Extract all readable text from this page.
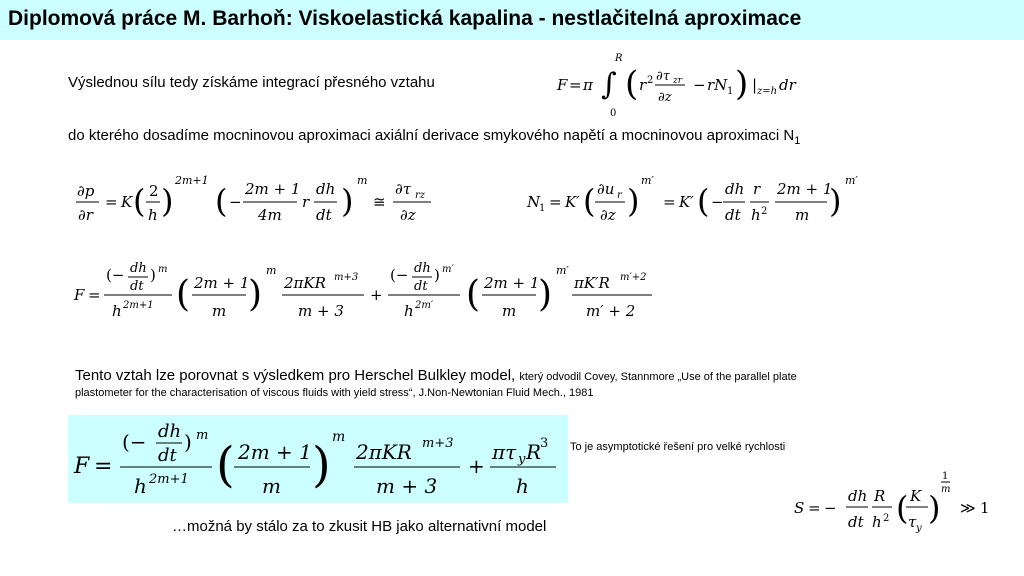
Diplomová práce M. Barhoň: Viskoelastická kapalina - nestlačitelná aproximace
Výslednou sílu tedy získáme integrací přesného vztahu	F = π ∫
R
0
( r 2 ∂τ zr
∂z
− rN 1 ) | z=h dr
do kterého dosadíme mocninovou aproximaci axiální derivace smykového napětí a mocninovou aproximaci $N_1$
∂p
∂r
= K ( 2
h )
2m+1
( −
2m + 1
4m
r
dh
dt )
m
≅
∂τ rz
∂z
N
1 = K′ ( ∂u r
∂z )
m′
= K′ ( −
dh
dt
r
h 2
2m + 1
m )
m′
F =
(− dh
dt
) m
h 2m+1 ( 2m + 1
m )
m
2πKR m+3
m + 3
+
(− dh
dt
) m′
h 2m′ ( 2m + 1
m )
m′
πK′R m′+2
m′ + 2
Tento vztah lze porovnat s výsledkem pro Herschel Bulkley model, který odvodil Covey, Stannmore „Use of the parallel plate
plastometer for the characterisation of viscous fluids with yield stress“, J.Non-Newtonian Fluid Mech., 1981
F =
(− dh
dt
) m
h 2m+1 ( 2m + 1
m ) m
2πKR m+3
m + 3
+
πτ y R
3
h
To je asymptotické řešení pro velké rychlosti
S = −
dh
dt
R
h 2 ( K
τ y
)
1
m
≫ 1
…možná by stálo za to zkusit HB jako alternativní model
